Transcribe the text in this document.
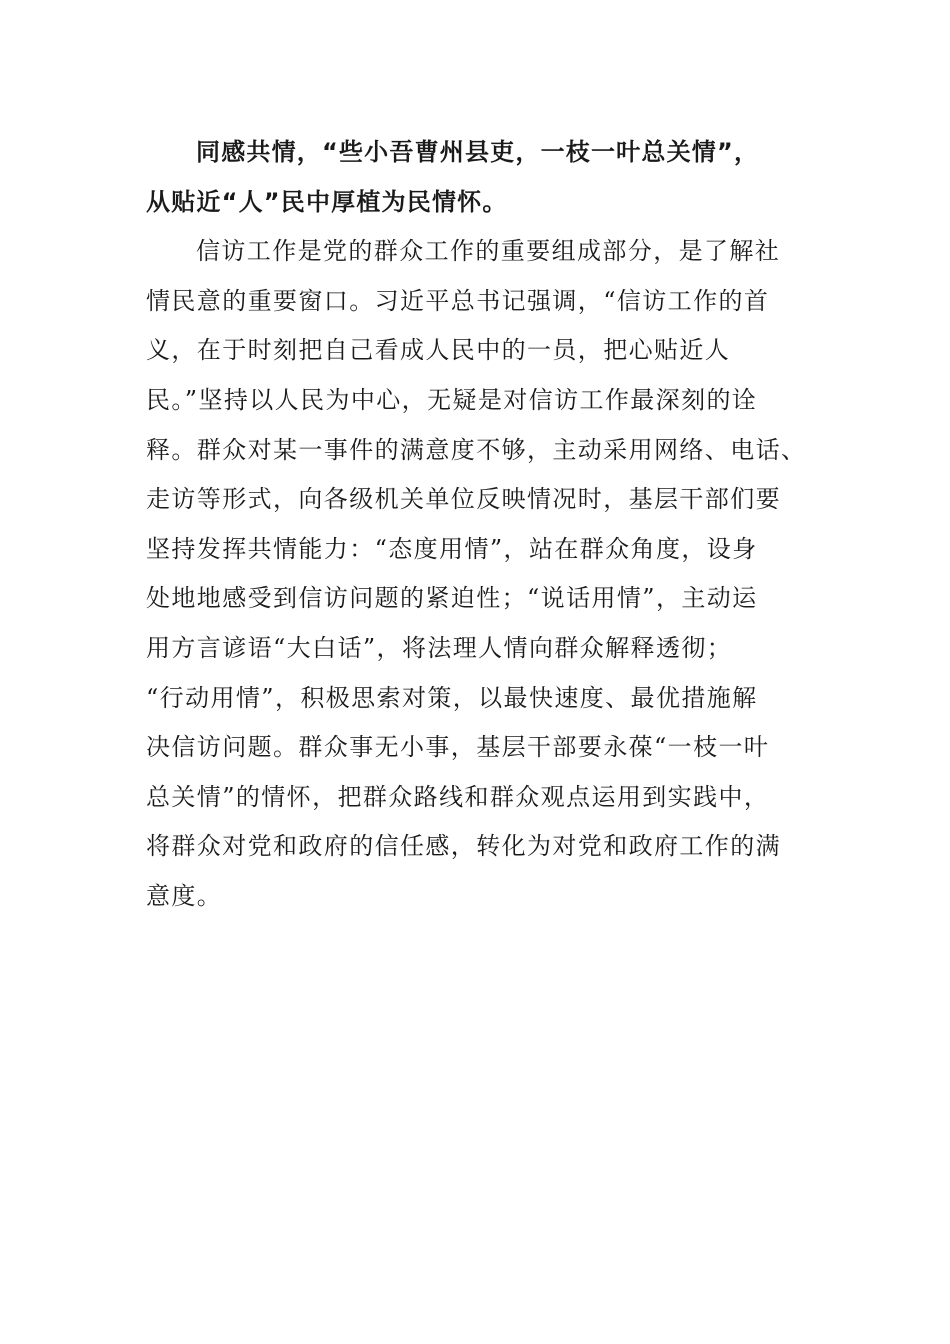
同感共情，“些小吾曹州县吏，一枝一叶总关情”，
从贴近“人”民中厚植为民情怀。
信访工作是党的群众工作的重要组成部分，是了解社
情民意的重要窗口。习近平总书记强调，“信访工作的首
义，在于时刻把自己看成人民中的一员，把心贴近人
民。”坚持以人民为中心，无疑是对信访工作最深刻的诠
释。群众对某一事件的满意度不够，主动采用网络、电话、
走访等形式，向各级机关单位反映情况时，基层干部们要
坚持发挥共情能力：“态度用情”，站在群众角度，设身
处地地感受到信访问题的紧迫性；“说话用情”，主动运
用方言谚语“大白话”，将法理人情向群众解释透彻；
“行动用情”，积极思索对策，以最快速度、最优措施解
决信访问题。群众事无小事，基层干部要永葆“一枝一叶
总关情”的情怀，把群众路线和群众观点运用到实践中，
将群众对党和政府的信任感，转化为对党和政府工作的满
意度。
